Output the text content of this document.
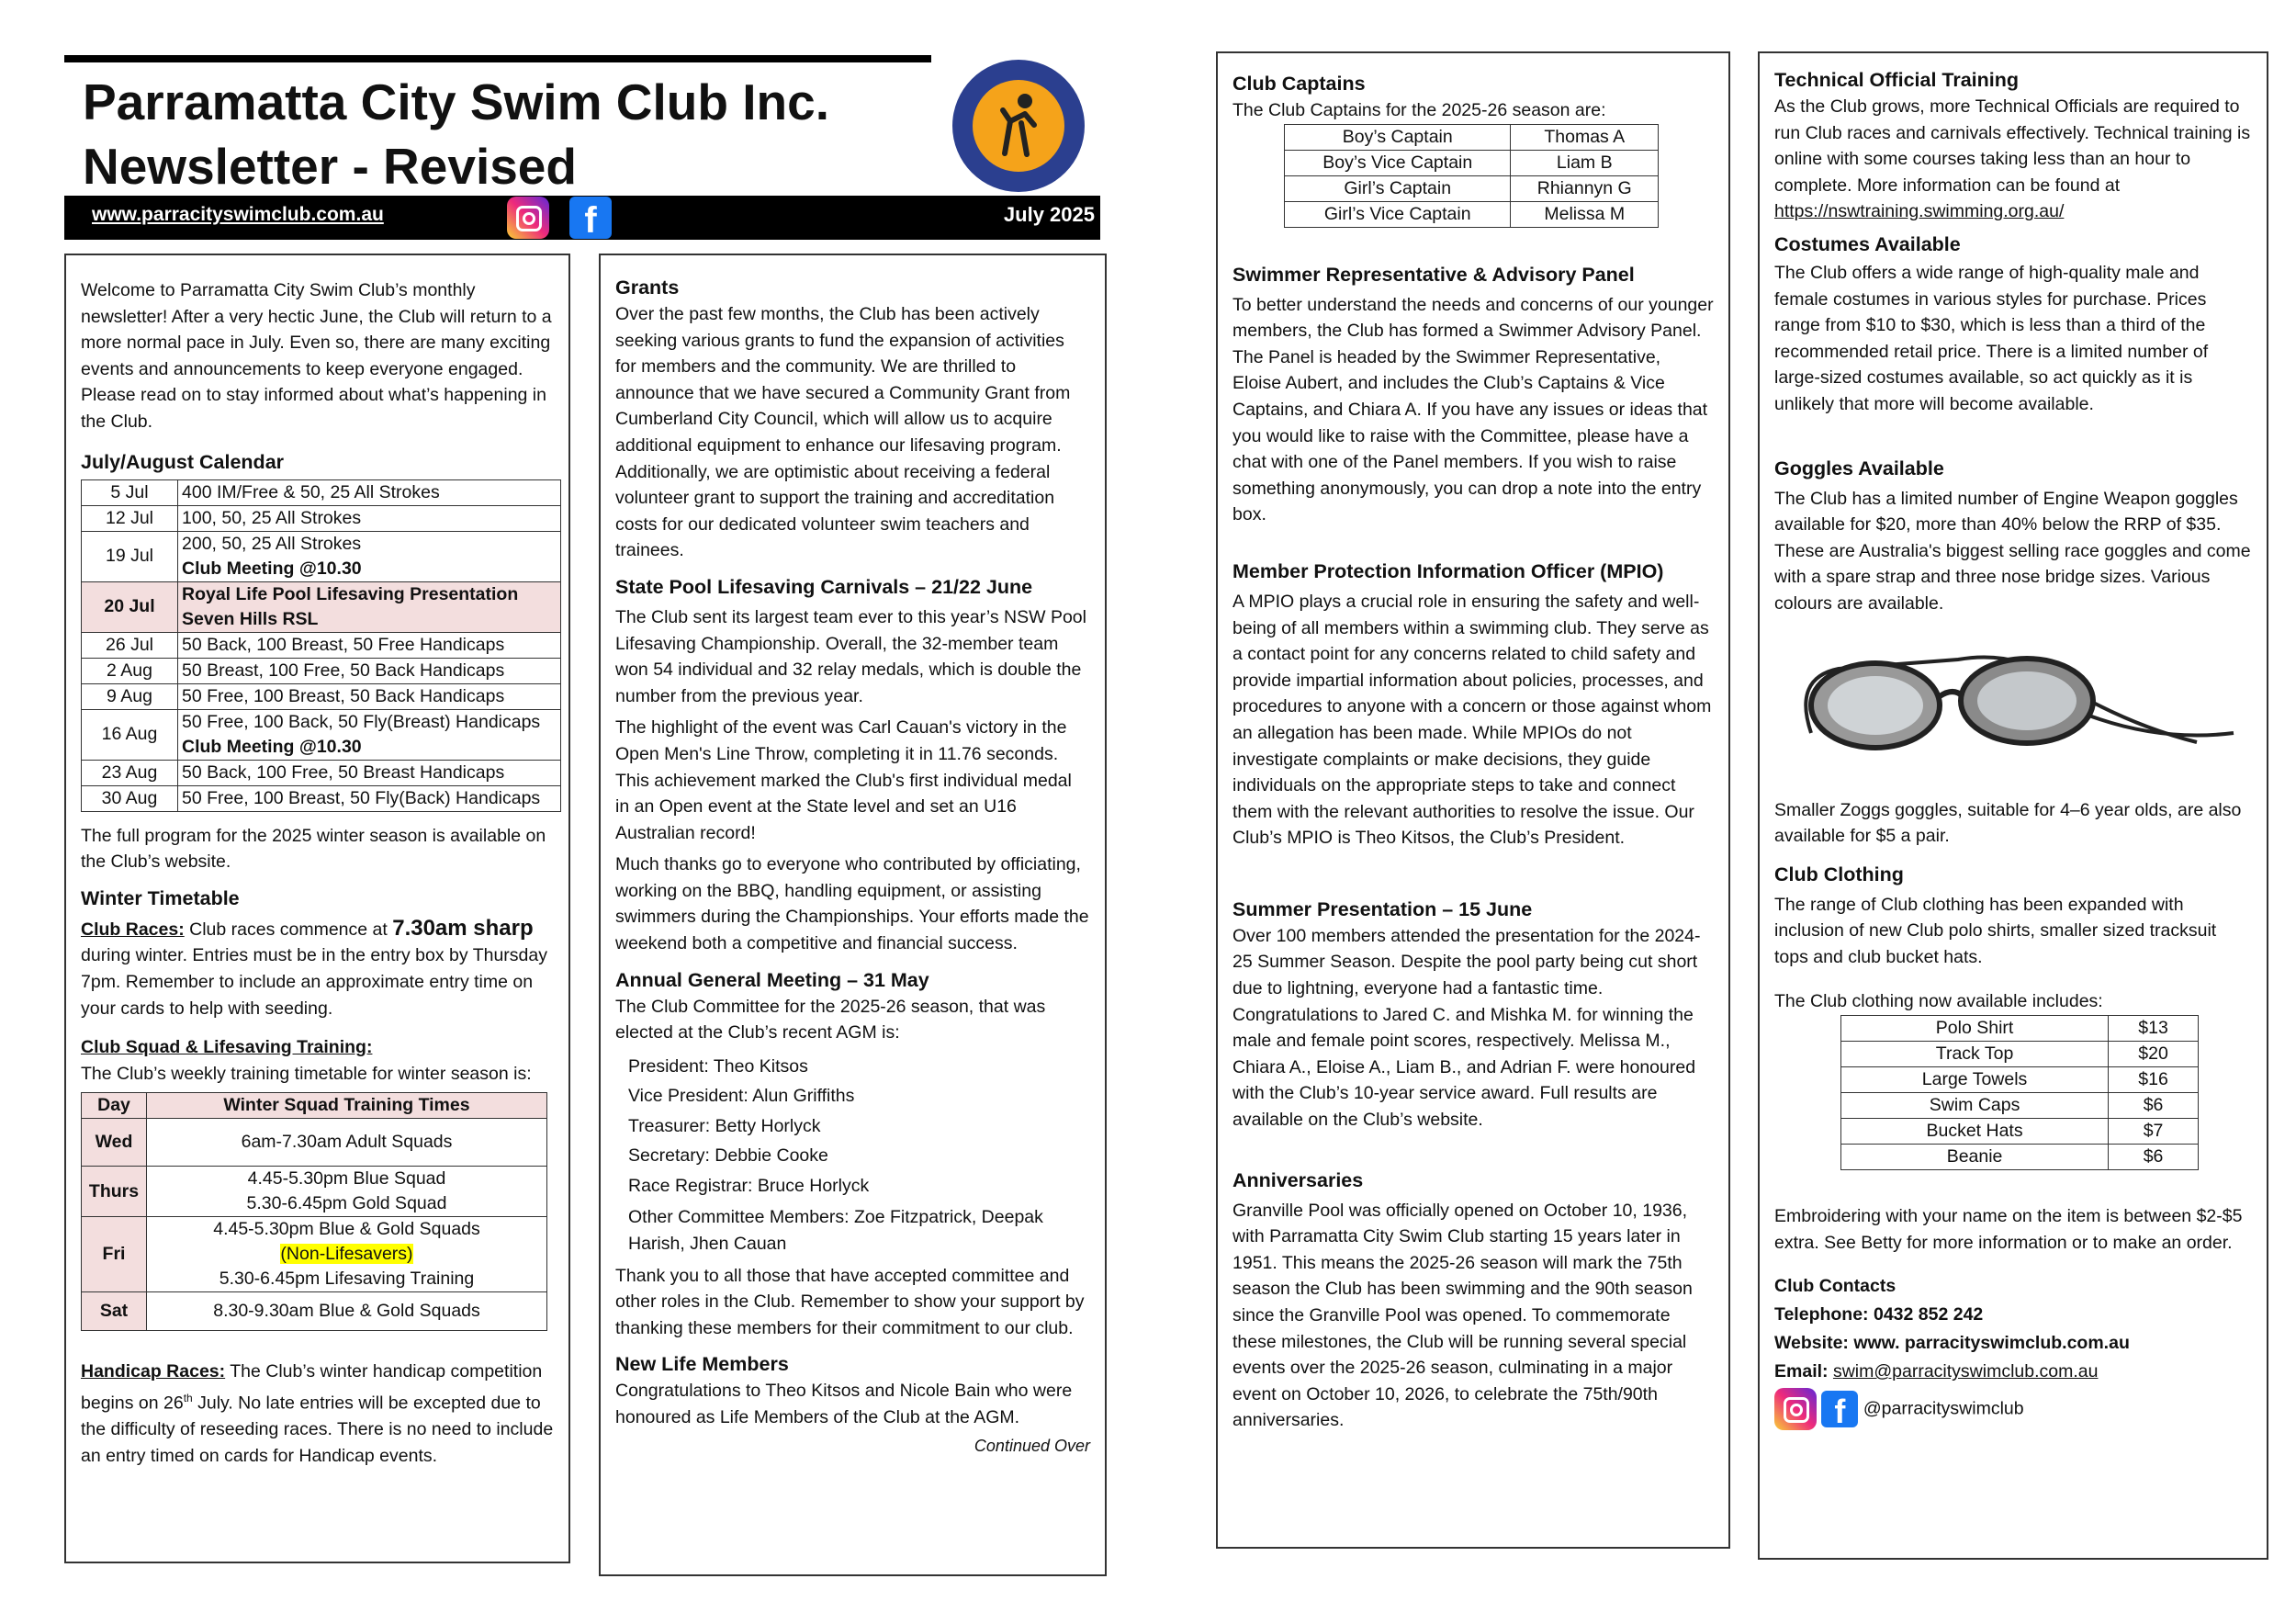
Parramatta City Swim Club Inc.
Newsletter - Revised
www.parracityswimclub.com.au	July 2025
f

Welcome to Parramatta City Swim Club’s monthly newsletter! After a very hectic June, the Club will return to a more normal pace in July. Even so, there are many exciting events and announcements to keep everyone engaged. Please read on to stay informed about what’s happening in the Club.

July/August Calendar
5 Jul	400 IM/Free & 50, 25 All Strokes

12 Jul	100, 50, 25 All Strokes

19 Jul	200, 50, 25 All Strokes
Club Meeting @10.30

20 Jul	Royal Life Pool Lifesaving Presentation
Seven Hills RSL

26 Jul	50 Back, 100 Breast, 50 Free Handicaps

2 Aug	50 Breast, 100 Free, 50 Back Handicaps

9 Aug	50 Free, 100 Breast, 50 Back Handicaps

16 Aug	50 Free, 100 Back, 50 Fly(Breast) Handicaps
Club Meeting @10.30

23 Aug	50 Back, 100 Free, 50 Breast Handicaps

30 Aug	50 Free, 100 Breast, 50 Fly(Back) Handicaps

The full program for the 2025 winter season is available on the Club’s website.

Winter Timetable

Club Races: Club races commence at 7.30am sharp during winter. Entries must be in the entry box by Thursday 7pm. Remember to include an approximate entry time on your cards to help with seeding.

Club Squad & Lifesaving Training:
The Club’s weekly training timetable for winter season is:

Day	Winter Squad Training Times
Wed	6am-7.30am Adult Squads

Thurs	4.45-5.30pm Blue Squad
5.30-6.45pm Gold Squad

Fri	4.45-5.30pm Blue & Gold Squads
(Non-Lifesavers)
5.30-6.45pm Lifesaving Training

Sat	8.30-9.30am Blue & Gold Squads

Handicap Races: The Club’s winter handicap competition begins on 26th July. No late entries will be excepted due to the difficulty of reseeding races. There is no need to include an entry timed on cards for Handicap events.

Grants

Over the past few months, the Club has been actively seeking various grants to fund the expansion of activities for members and the community. We are thrilled to announce that we have secured a Community Grant from Cumberland City Council, which will allow us to acquire additional equipment to enhance our lifesaving program. Additionally, we are optimistic about receiving a federal volunteer grant to support the training and accreditation costs for our dedicated volunteer swim teachers and trainees.

State Pool Lifesaving Carnivals – 21/22 June

The Club sent its largest team ever to this year’s NSW Pool Lifesaving Championship. Overall, the 32-member team won 54 individual and 32 relay medals, which is double the number from the previous year.

The highlight of the event was Carl Cauan's victory in the Open Men's Line Throw, completing it in 11.76 seconds. This achievement marked the Club's first individual medal in an Open event at the State level and set an U16 Australian record!

Much thanks go to everyone who contributed by officiating, working on the BBQ, handling equipment, or assisting swimmers during the Championships. Your efforts made the weekend both a competitive and financial success.

Annual General Meeting – 31 May

The Club Committee for the 2025-26 season, that was elected at the Club’s recent AGM is:

President: Theo Kitsos
Vice President: Alun Griffiths
Treasurer: Betty Horlyck
Secretary: Debbie Cooke
Race Registrar: Bruce Horlyck
Other Committee Members: Zoe Fitzpatrick, Deepak Harish, Jhen Cauan

Thank you to all those that have accepted committee and other roles in the Club. Remember to show your support by thanking these members for their commitment to our club.

New Life Members

Congratulations to Theo Kitsos and Nicole Bain who were honoured as Life Members of the Club at the AGM.

Continued Over
Club Captains

The Club Captains for the 2025-26 season are:

Boy’s Captain	Thomas A
Boy’s Vice Captain	Liam B
Girl’s Captain	Rhiannyn G
Girl’s Vice Captain	Melissa M
Swimmer Representative & Advisory Panel

To better understand the needs and concerns of our younger members, the Club has formed a Swimmer Advisory Panel. The Panel is headed by the Swimmer Representative, Eloise Aubert, and includes the Club’s Captains & Vice Captains, and Chiara A. If you have any issues or ideas that you would like to raise with the Committee, please have a chat with one of the Panel members. If you wish to raise something anonymously, you can drop a note into the entry box.

Member Protection Information Officer (MPIO)

A MPIO plays a crucial role in ensuring the safety and well-being of all members within a swimming club. They serve as a contact point for any concerns related to child safety and provide impartial information about policies, processes, and procedures to anyone with a concern or those against whom an allegation has been made. While MPIOs do not investigate complaints or make decisions, they guide individuals on the appropriate steps to take and connect them with the relevant authorities to resolve the issue. Our Club’s MPIO is Theo Kitsos, the Club’s President.

Summer Presentation – 15 June

Over 100 members attended the presentation for the 2024-25 Summer Season. Despite the pool party being cut short due to lightning, everyone had a fantastic time. Congratulations to Jared C. and Mishka M. for winning the male and female point scores, respectively. Melissa M., Chiara A., Eloise A., Liam B., and Adrian F. were honoured with the Club’s 10-year service award. Full results are available on the Club’s website.

Anniversaries

Granville Pool was officially opened on October 10, 1936, with Parramatta City Swim Club starting 15 years later in 1951. This means the 2025-26 season will mark the 75th season the Club has been swimming and the 90th season since the Granville Pool was opened. To commemorate these milestones, the Club will be running several special events over the 2025-26 season, culminating in a major event on October 10, 2026, to celebrate the 75th/90th anniversaries.

Technical Official Training

As the Club grows, more Technical Officials are required to run Club races and carnivals effectively. Technical training is online with some courses taking less than an hour to complete. More information can be found at https://nswtraining.swimming.org.au/

Costumes Available

The Club offers a wide range of high-quality male and female costumes in various styles for purchase. Prices range from $10 to $30, which is less than a third of the recommended retail price. There is a limited number of large-sized costumes available, so act quickly as it is unlikely that more will become available.

Goggles Available

The Club has a limited number of Engine Weapon goggles available for $20, more than 40% below the RRP of $35. These are Australia's biggest selling race goggles and come with a spare strap and three nose bridge sizes. Various colours are available.

Smaller Zoggs goggles, suitable for 4–6 year olds, are also available for $5 a pair.

Club Clothing

The range of Club clothing has been expanded with inclusion of new Club polo shirts, smaller sized tracksuit tops and club bucket hats.

The Club clothing now available includes:

Polo Shirt	$13
Track Top	$20
Large Towels	$16
Swim Caps	$6
Bucket Hats	$7
Beanie	$6

Embroidering with your name on the item is between $2-$5 extra. See Betty for more information or to make an order.

Club Contacts
Telephone: 0432 852 242
Website: www. parracityswimclub.com.au
Email: swim@parracityswimclub.com.au
f @parracityswimclub
